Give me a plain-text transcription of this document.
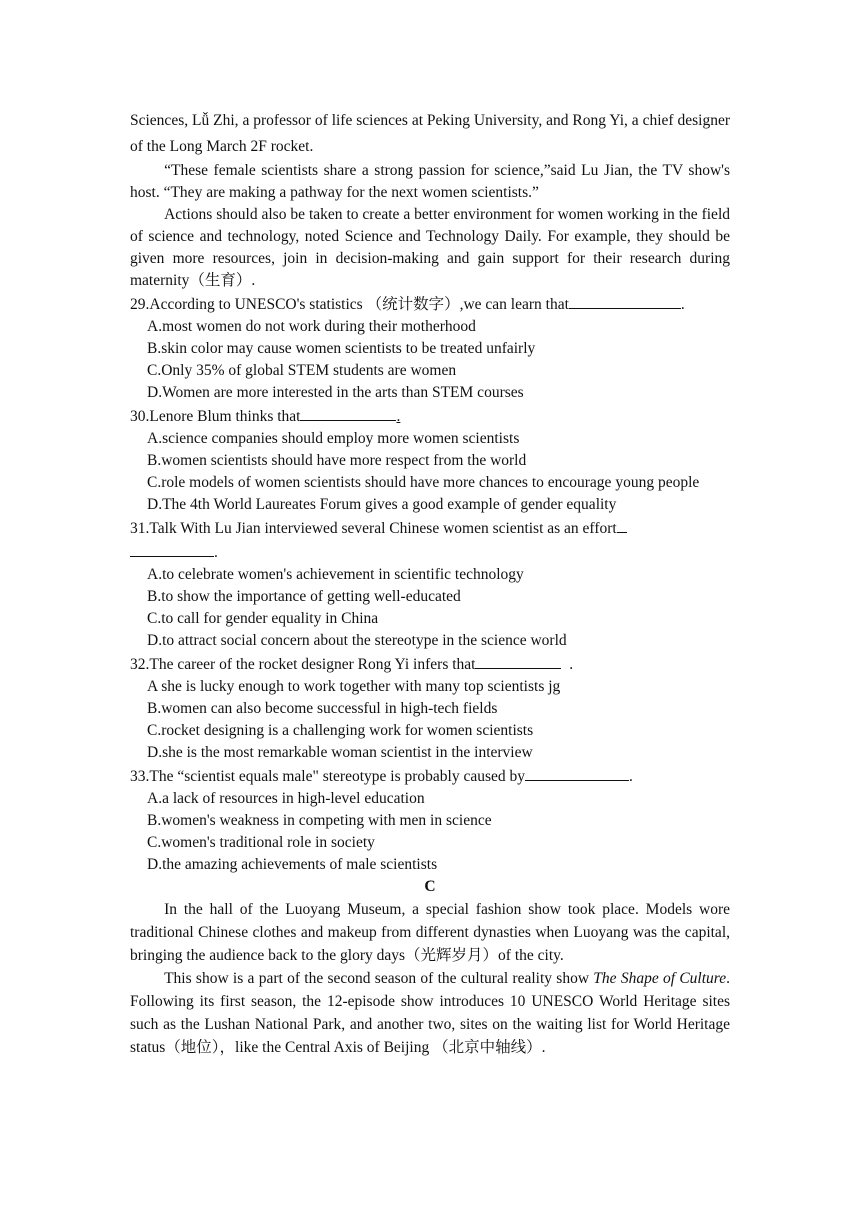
Sciences, Lǚ Zhi, a professor of life sciences at Peking University, and Rong Yi, a chief designer of the Long March 2F rocket.

“These female scientists share a strong passion for science,”said Lu Jian, the TV show's host. “They are making a pathway for the next women scientists.”

Actions should also be taken to create a better environment for women working in the field of science and technology, noted Science and Technology Daily. For example, they should be given more resources, join in decision-making and gain support for their research during maternity（生育）.

29.According to UNESCO's statistics （统计数字）,we can learn that	.

A.most women do not work during their motherhood

B.skin color may cause women scientists to be treated unfairly

C.Only 35% of global STEM students are women

D.Women are more interested in the arts than STEM courses

30.Lenore Blum thinks that	.

A.science companies should employ more women scientists

B.women scientists should have more respect from the world

C.role models of women scientists should have more chances to encourage young people

D.The 4th World Laureates Forum gives a good example of gender equality

31.Talk With Lu Jian interviewed several Chinese women scientist as an effort

.

A.to celebrate women's achievement in scientific technology

B.to show the importance of getting well-educated

C.to call for gender equality in China

D.to attract social concern about the stereotype in the science world

32.The career of the rocket designer Rong Yi infers that	.

A she is lucky enough to work together with many top scientists jg

B.women can also become successful in high-tech fields

C.rocket designing is a challenging work for women scientists

D.she is the most remarkable woman scientist in the interview

33.The “scientist equals male" stereotype is probably caused by	.

A.a lack of resources in high-level education

B.women's weakness in competing with men in science

C.women's traditional role in society

D.the amazing achievements of male scientists

C

In the hall of the Luoyang Museum, a special fashion show took place. Models wore traditional Chinese clothes and makeup from different dynasties when Luoyang was the capital, bringing the audience back to the glory days（光辉岁月）of the city.

This show is a part of the second season of the cultural reality show The Shape of Culture. Following its first season, the 12-episode show introduces 10 UNESCO World Heritage sites such as the Lushan National Park, and another two, sites on the waiting list for World Heritage status（地位），like the Central Axis of Beijing （北京中轴线）.
